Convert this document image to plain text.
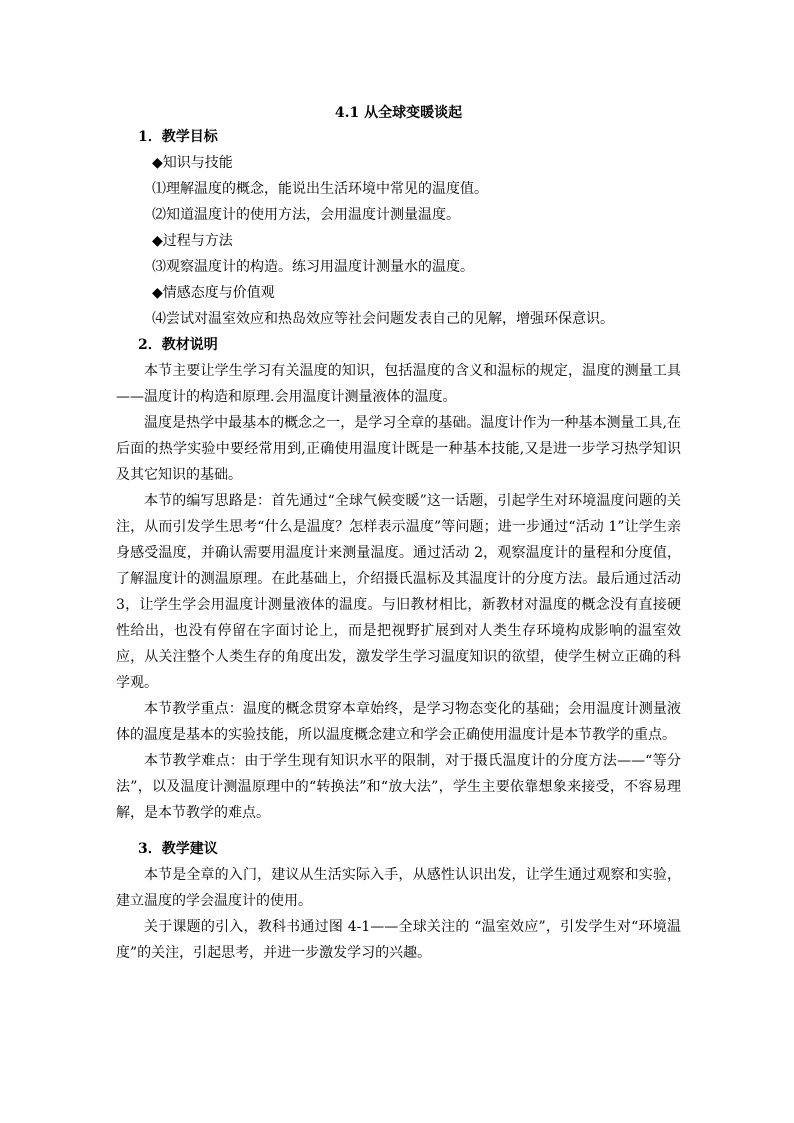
4.1 从全球变暖谈起
1．教学目标
◆知识与技能
⑴理解温度的概念，能说出生活环境中常见的温度值。
⑵知道温度计的使用方法，会用温度计测量温度。
◆过程与方法
⑶观察温度计的构造。练习用温度计测量水的温度。
◆情感态度与价值观
⑷尝试对温室效应和热岛效应等社会问题发表自己的见解，增强环保意识。
2．教材说明
本节主要让学生学习有关温度的知识，包括温度的含义和温标的规定，温度的测量工具——温度计的构造和原理.会用温度计测量液体的温度。
温度是热学中最基本的概念之一，是学习全章的基础。温度计作为一种基本测量工具,在后面的热学实验中要经常用到,正确使用温度计既是一种基本技能,又是进一步学习热学知识及其它知识的基础。
本节的编写思路是：首先通过“全球气候变暖”这一话题，引起学生对环境温度问题的关注，从而引发学生思考“什么是温度？怎样表示温度”等问题；进一步通过“活动 1”让学生亲身感受温度，并确认需要用温度计来测量温度。通过活动 2，观察温度计的量程和分度值，了解温度计的测温原理。在此基础上，介绍摄氏温标及其温度计的分度方法。最后通过活动 3，让学生学会用温度计测量液体的温度。与旧教材相比，新教材对温度的概念没有直接硬性给出，也没有停留在字面讨论上，而是把视野扩展到对人类生存环境构成影响的温室效应，从关注整个人类生存的角度出发，激发学生学习温度知识的欲望，使学生树立正确的科学观。
本节教学重点：温度的概念贯穿本章始终，是学习物态变化的基础；会用温度计测量液体的温度是基本的实验技能，所以温度概念建立和学会正确使用温度计是本节教学的重点。
本节教学难点：由于学生现有知识水平的限制，对于摄氏温度计的分度方法——“等分法”，以及温度计测温原理中的“转换法”和“放大法”，学生主要依靠想象来接受，不容易理解，是本节教学的难点。
3．教学建议
本节是全章的入门，建议从生活实际入手，从感性认识出发，让学生通过观察和实验，建立温度的学会温度计的使用。
关于课题的引入，教科书通过图 4-1——全球关注的 “温室效应”，引发学生对“环境温度”的关注，引起思考，并进一步激发学习的兴趣。
